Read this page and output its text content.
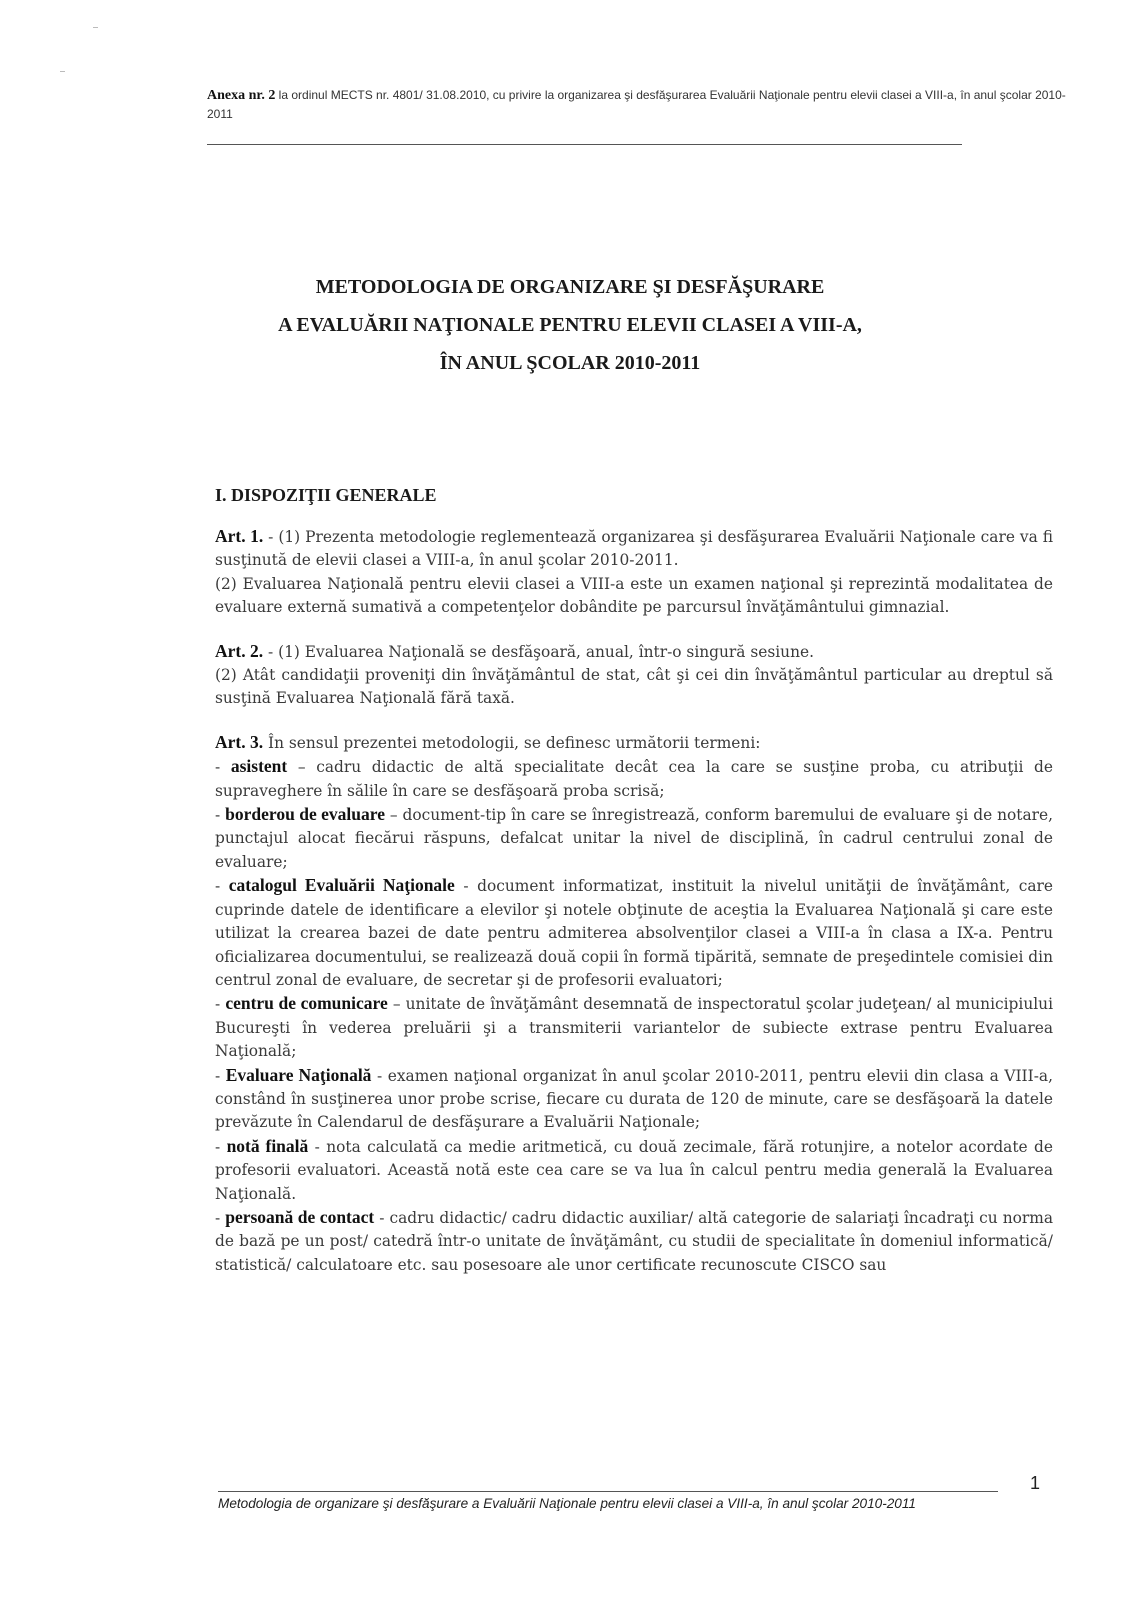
Anexa nr. 2 la ordinul MECTS nr. 4801/ 31.08.2010, cu privire la organizarea şi desfăşurarea Evaluării Naţionale pentru elevii clasei a VIII-a, în anul şcolar 2010-2011
METODOLOGIA DE ORGANIZARE ŞI DESFĂŞURARE
A EVALUĂRII NAŢIONALE PENTRU ELEVII CLASEI A VIII-A,
ÎN ANUL ŞCOLAR 2010-2011
I. DISPOZIŢII GENERALE

Art. 1. - (1) Prezenta metodologie reglementează organizarea şi desfăşurarea Evaluării Naţionale care va fi susţinută de elevii clasei a VIII-a, în anul şcolar 2010-2011.

(2) Evaluarea Naţională pentru elevii clasei a VIII-a este un examen naţional şi reprezintă modalitatea de evaluare externă sumativă a competenţelor dobândite pe parcursul învăţământului gimnazial.

Art. 2. - (1) Evaluarea Naţională se desfăşoară, anual, într-o singură sesiune.

(2) Atât candidaţii proveniţi din învăţământul de stat, cât şi cei din învăţământul particular au dreptul să susţină Evaluarea Naţională fără taxă.

Art. 3. În sensul prezentei metodologii, se definesc următorii termeni:

- asistent – cadru didactic de altă specialitate decât cea la care se susţine proba, cu atribuţii de supraveghere în sălile în care se desfăşoară proba scrisă;

- borderou de evaluare – document-tip în care se înregistrează, conform baremului de evaluare şi de notare, punctajul alocat fiecărui răspuns, defalcat unitar la nivel de disciplină, în cadrul centrului zonal de evaluare;

- catalogul Evaluării Naţionale - document informatizat, instituit la nivelul unităţii de învăţământ, care cuprinde datele de identificare a elevilor şi notele obţinute de aceştia la Evaluarea Naţională şi care este utilizat la crearea bazei de date pentru admiterea absolvenţilor clasei a VIII-a în clasa a IX-a. Pentru oficializarea documentului, se realizează două copii în formă tipărită, semnate de preşedintele comisiei din centrul zonal de evaluare, de secretar şi de profesorii evaluatori;

- centru de comunicare – unitate de învăţământ desemnată de inspectoratul şcolar judeţean/ al municipiului Bucureşti în vederea preluării şi a transmiterii variantelor de subiecte extrase pentru Evaluarea Naţională;

- Evaluare Naţională - examen naţional organizat în anul şcolar 2010-2011, pentru elevii din clasa a VIII-a, constând în susţinerea unor probe scrise, fiecare cu durata de 120 de minute, care se desfăşoară la datele prevăzute în Calendarul de desfăşurare a Evaluării Naţionale;

- notă finală - nota calculată ca medie aritmetică, cu două zecimale, fără rotunjire, a notelor acordate de profesorii evaluatori. Această notă este cea care se va lua în calcul pentru media generală la Evaluarea Naţională.

- persoană de contact - cadru didactic/ cadru didactic auxiliar/ altă categorie de salariaţi încadraţi cu norma de bază pe un post/ catedră într-o unitate de învăţământ, cu studii de specialitate în domeniul informatică/ statistică/ calculatoare etc. sau posesoare ale unor certificate recunoscute CISCO sau

1
Metodologia de organizare şi desfăşurare a Evaluării Naţionale pentru elevii clasei a VIII-a, în anul şcolar 2010-2011
